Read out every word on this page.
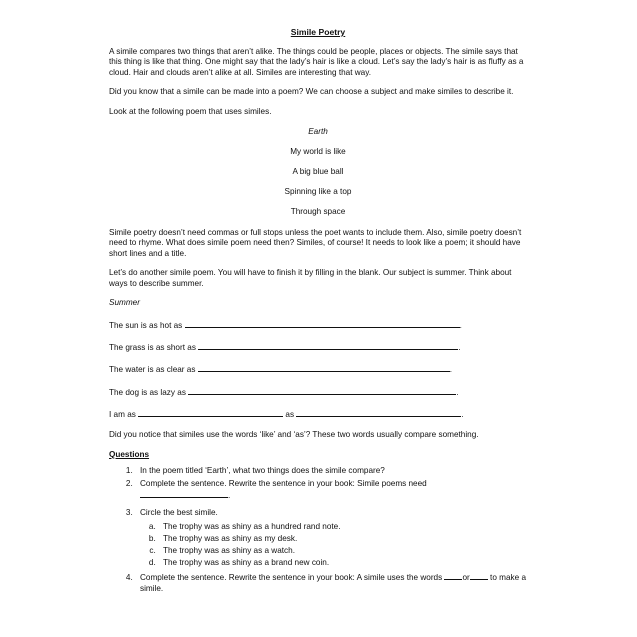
Simile Poetry

A simile compares two things that aren’t alike. The things could be people, places or objects. The simile says that this thing is like that thing. One might say that the lady’s hair is like a cloud. Let’s say the lady’s hair is as fluffy as a cloud. Hair and clouds aren’t alike at all. Similes are interesting that way.

Did you know that a simile can be made into a poem? We can choose a subject and make similes to describe it.

Look at the following poem that uses similes.

Earth
My world is like
A big blue ball
Spinning like a top
Through space

Simile poetry doesn’t need commas or full stops unless the poet wants to include them. Also, simile poetry doesn’t need to rhyme. What does simile poem need then? Similes, of course! It needs to look like a poem; it should have short lines and a title.

Let’s do another simile poem. You will have to finish it by filling in the blank. Our subject is summer. Think about ways to describe summer.

Summer
The sun is as hot as	.
The grass is as short as	.
The water is as clear as	.
The dog is as lazy as	.
I am as	as	.

Did you notice that similes use the words ‘like’ and ‘as’? These two words usually compare something.

Questions
1. In the poem titled ‘Earth’, what two things does the simile compare?
2. Complete the sentence. Rewrite the sentence in your book: Simile poems need
.
3. Circle the best simile.
a. The trophy was as shiny as a hundred rand note.
b. The trophy was as shiny as my desk.
c. The trophy was as shiny as a watch.
d. The trophy was as shiny as a brand new coin.
4. Complete the sentence. Rewrite the sentence in your book: A simile uses the words or to make a simile.
